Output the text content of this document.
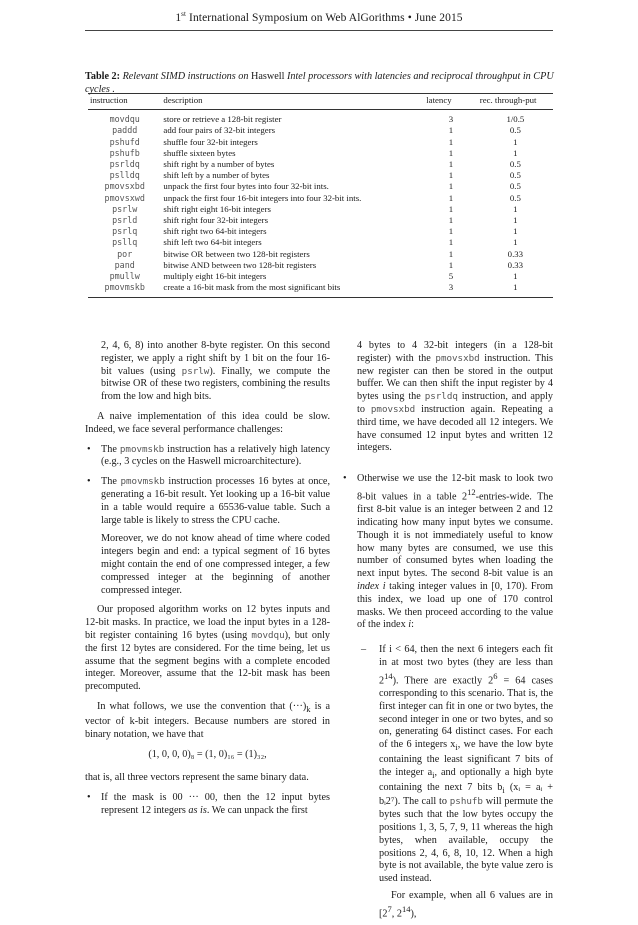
1st International Symposium on Web AlGorithms • June 2015
Table 2: Relevant SIMD instructions on Haswell Intel processors with latencies and reciprocal throughput in CPU cycles .
instruction	description	latency	rec. through-put
movdqu	store or retrieve a 128-bit register	3	1/0.5
paddd	add four pairs of 32-bit integers	1	0.5
pshufd	shuffle four 32-bit integers	1	1
pshufb	shuffle sixteen bytes	1	1
psrldq	shift right by a number of bytes	1	0.5
pslldq	shift left by a number of bytes	1	0.5
pmovsxbd	unpack the first four bytes into four 32-bit ints.	1	0.5
pmovsxwd	unpack the first four 16-bit integers into four 32-bit ints.	1	0.5
psrlw	shift right eight 16-bit integers	1	1
psrld	shift right four 32-bit integers	1	1
psrlq	shift right two 64-bit integers	1	1
psllq	shift left two 64-bit integers	1	1
por	bitwise OR between two 128-bit registers	1	0.33
pand	bitwise AND between two 128-bit registers	1	0.33
pmullw	multiply eight 16-bit integers	5	1
pmovmskb	create a 16-bit mask from the most significant bits	3	1

2, 4, 6, 8) into another 8-byte register. On this second register, we apply a right shift by 1 bit on the four 16-bit values (using psrlw). Finally, we compute the bitwise OR of these two registers, combining the results from the low and high bits.

A naive implementation of this idea could be slow. Indeed, we face several performance challenges:

• The pmovmskb instruction has a relatively high latency (e.g., 3 cycles on the Haswell microarchitecture).

• The pmovmskb instruction processes 16 bytes at once, generating a 16-bit result. Yet looking up a 16-bit value in a table would require a 65536-value table. Such a large table is likely to stress the CPU cache.

Moreover, we do not know ahead of time where coded integers begin and end: a typical segment of 16 bytes might contain the end of one compressed integer, a few compressed integer at the beginning of another compressed integer.

Our proposed algorithm works on 12 bytes inputs and 12-bit masks. In practice, we load the input bytes in a 128-bit register containing 16 bytes (using movdqu), but only the first 12 bytes are considered. For the time being, let us assume that the segment begins with a complete encoded integer. Moreover, assume that the 12-bit mask has been precomputed.

In what follows, we use the convention that $(\cdot\cdot\cdot)_k$ is a vector of k-bit integers. Because numbers are stored in binary notation, we have that

(1, 0, 0, 0)₈ = (1, 0)₁₆ = (1)₃₂,

that is, all three vectors represent the same binary data.

• If the mask is 00 ··· 00, then the 12 input bytes represent 12 integers as is. We can unpack the first

4 bytes to 4 32-bit integers (in a 128-bit register) with the pmovsxbd instruction. This new register can then be stored in the output buffer. We can then shift the input register by 4 bytes using the psrldq instruction, and apply to pmovsxbd instruction again. Repeating a third time, we have decoded all 12 integers. We have consumed 12 input bytes and written 12 integers.

• Otherwise we use the 12-bit mask to look two 8-bit values in a table $2^{12}-entries$-wide. The first 8-bit value is an integer between 2 and 12 indicating how many input bytes we consume. Though it is not immediately useful to know how many bytes are consumed, we use this number of consumed bytes when loading the next input bytes. The second 8-bit value is an index i taking integer values in [0, 170). From this index, we load up one of 170 control masks. We then proceed according to the value of the index i:

– If i < 64, then the next 6 integers each fit in at most two bytes (they are less than $2^{14}$). There are exactly $2^6 = 64$ cases corresponding to this scenario. That is, the first integer can fit in one or two bytes, the second integer in one or two bytes, and so on, generating 64 distinct cases. For each of the 6 integers $x_i$, we have the low byte containing the least significant 7 bits of the integer $a_i$, and optionally a high byte containing the next 7 bits $b_i$ (xᵢ = aᵢ + bᵢ2⁷). The call to pshufb will permute the bytes such that the low bytes occupy the positions 1, 3, 5, 7, 9, 11 whereas the high bytes, when available, occupy the positions 2, 4, 6, 8, 10, 12. When a high byte is not available, the byte value zero is used instead.

For example, when all 6 values are in [$2^7$, $2^{14}$),
